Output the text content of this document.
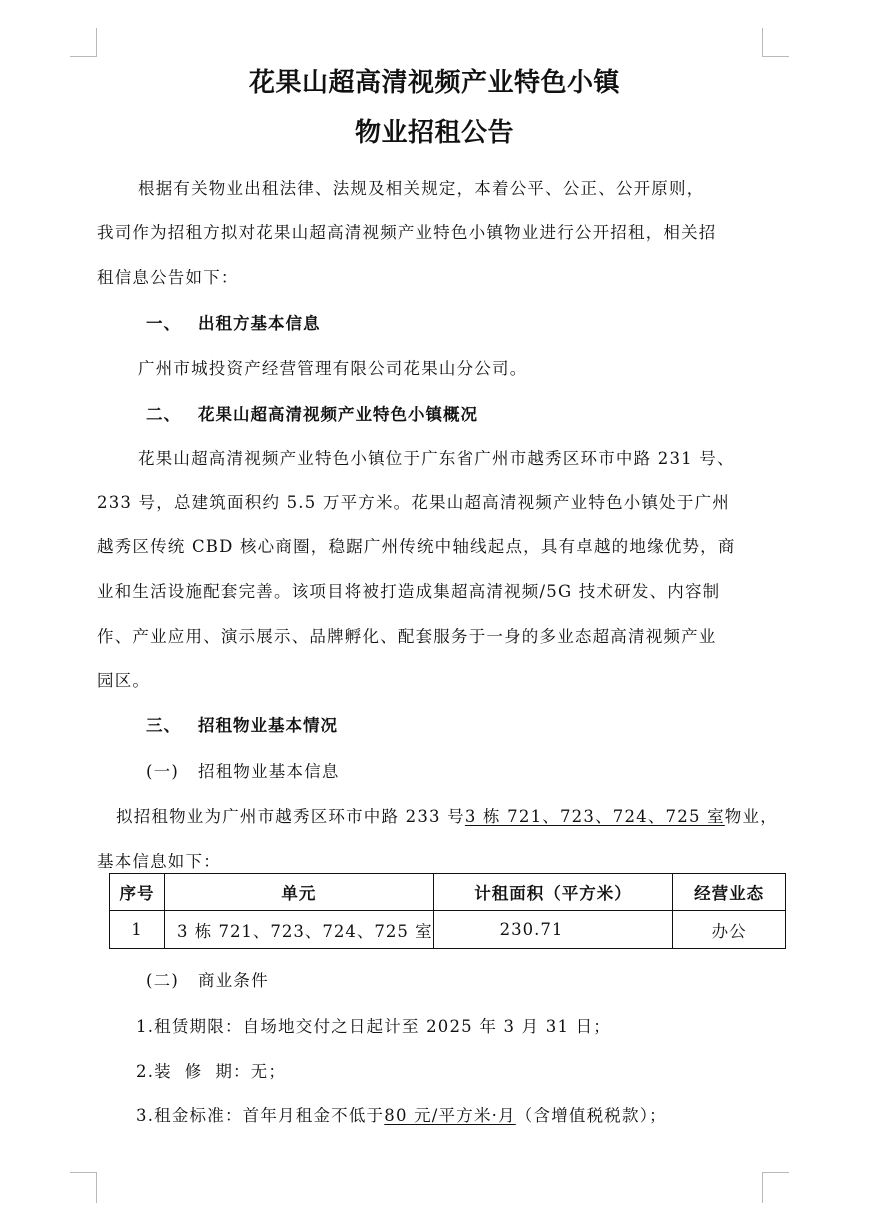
花果山超高清视频产业特色小镇
物业招租公告
根据有关物业出租法律、法规及相关规定，本着公平、公正、公开原则，
我司作为招租方拟对花果山超高清视频产业特色小镇物业进行公开招租，相关招
租信息公告如下：
一、 出租方基本信息
广州市城投资产经营管理有限公司花果山分公司。
二、 花果山超高清视频产业特色小镇概况
花果山超高清视频产业特色小镇位于广东省广州市越秀区环市中路 231 号、
233 号，总建筑面积约 5.5 万平方米。花果山超高清视频产业特色小镇处于广州
越秀区传统 CBD 核心商圈，稳踞广州传统中轴线起点，具有卓越的地缘优势，商
业和生活设施配套完善。该项目将被打造成集超高清视频/5G 技术研发、内容制
作、产业应用、演示展示、品牌孵化、配套服务于一身的多业态超高清视频产业
园区。
三、 招租物业基本情况
(一) 招租物业基本信息
拟招租物业为广州市越秀区环市中路 233 号3 栋 721、723、724、725 室物业，
基本信息如下：
序号	单元	计租面积（平方米）	经营业态
1	3 栋 721、723、724、725 室	230.71	办公
(二) 商业条件
1.租赁期限：自场地交付之日起计至 2025 年 3 月 31 日；
2.装  修  期：无；
3.租金标准：首年月租金不低于80 元/平方米·月（含增值税税款）；
